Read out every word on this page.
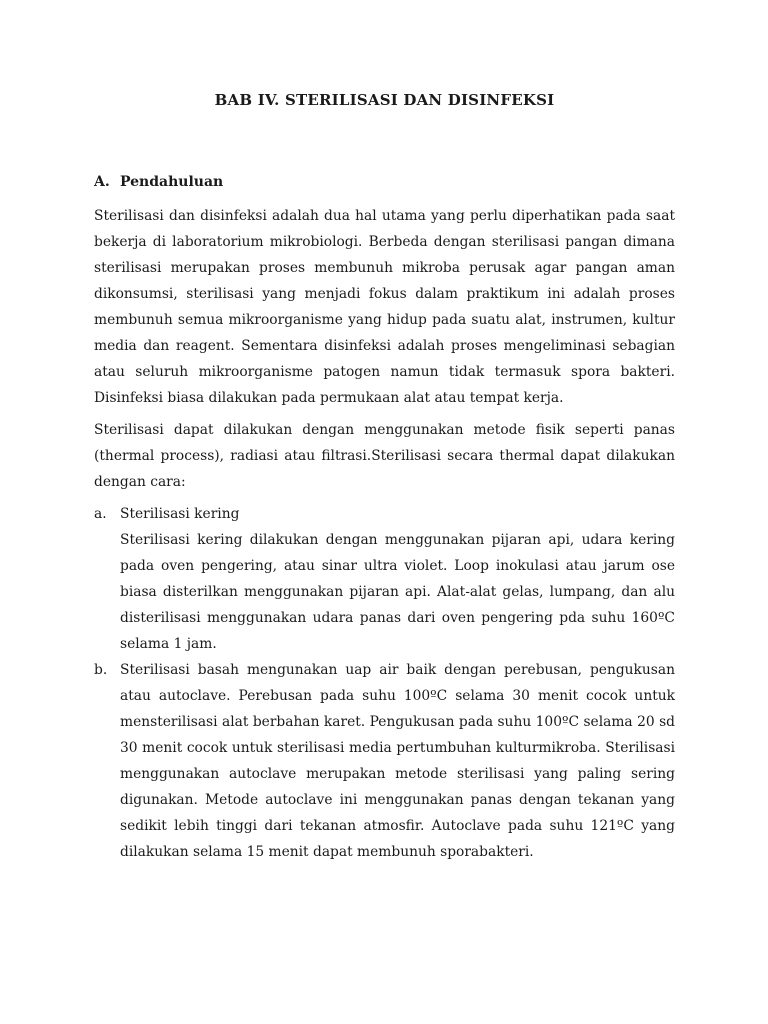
BAB IV. STERILISASI DAN DISINFEKSI
A. Pendahuluan

Sterilisasi dan disinfeksi adalah dua hal utama yang perlu diperhatikan pada saat bekerja di laboratorium mikrobiologi. Berbeda dengan sterilisasi pangan dimana sterilisasi merupakan proses membunuh mikroba perusak agar pangan aman dikonsumsi, sterilisasi yang menjadi fokus dalam praktikum ini adalah proses membunuh semua mikroorganisme yang hidup pada suatu alat, instrumen, kultur media dan reagent. Sementara disinfeksi adalah proses mengeliminasi sebagian atau seluruh mikroorganisme patogen namun tidak termasuk spora bakteri. Disinfeksi biasa dilakukan pada permukaan alat atau tempat kerja.

Sterilisasi dapat dilakukan dengan menggunakan metode fisik seperti panas (thermal process), radiasi atau filtrasi.Sterilisasi secara thermal dapat dilakukan dengan cara:

a. Sterilisasi kering

Sterilisasi kering dilakukan dengan menggunakan pijaran api, udara kering pada oven pengering, atau sinar ultra violet. Loop inokulasi atau jarum ose biasa disterilkan menggunakan pijaran api. Alat-alat gelas, lumpang, dan alu disterilisasi menggunakan udara panas dari oven pengering pda suhu 160ºC selama 1 jam.

b. Sterilisasi basah mengunakan uap air baik dengan perebusan, pengukusan atau autoclave. Perebusan pada suhu 100ºC selama 30 menit cocok untuk mensterilisasi alat berbahan karet. Pengukusan pada suhu 100ºC selama 20 sd 30 menit cocok untuk sterilisasi media pertumbuhan kulturmikroba. Sterilisasi menggunakan autoclave merupakan metode sterilisasi yang paling sering digunakan. Metode autoclave ini menggunakan panas dengan tekanan yang sedikit lebih tinggi dari tekanan atmosfir. Autoclave pada suhu 121ºC yang dilakukan selama 15 menit dapat membunuh sporabakteri.
